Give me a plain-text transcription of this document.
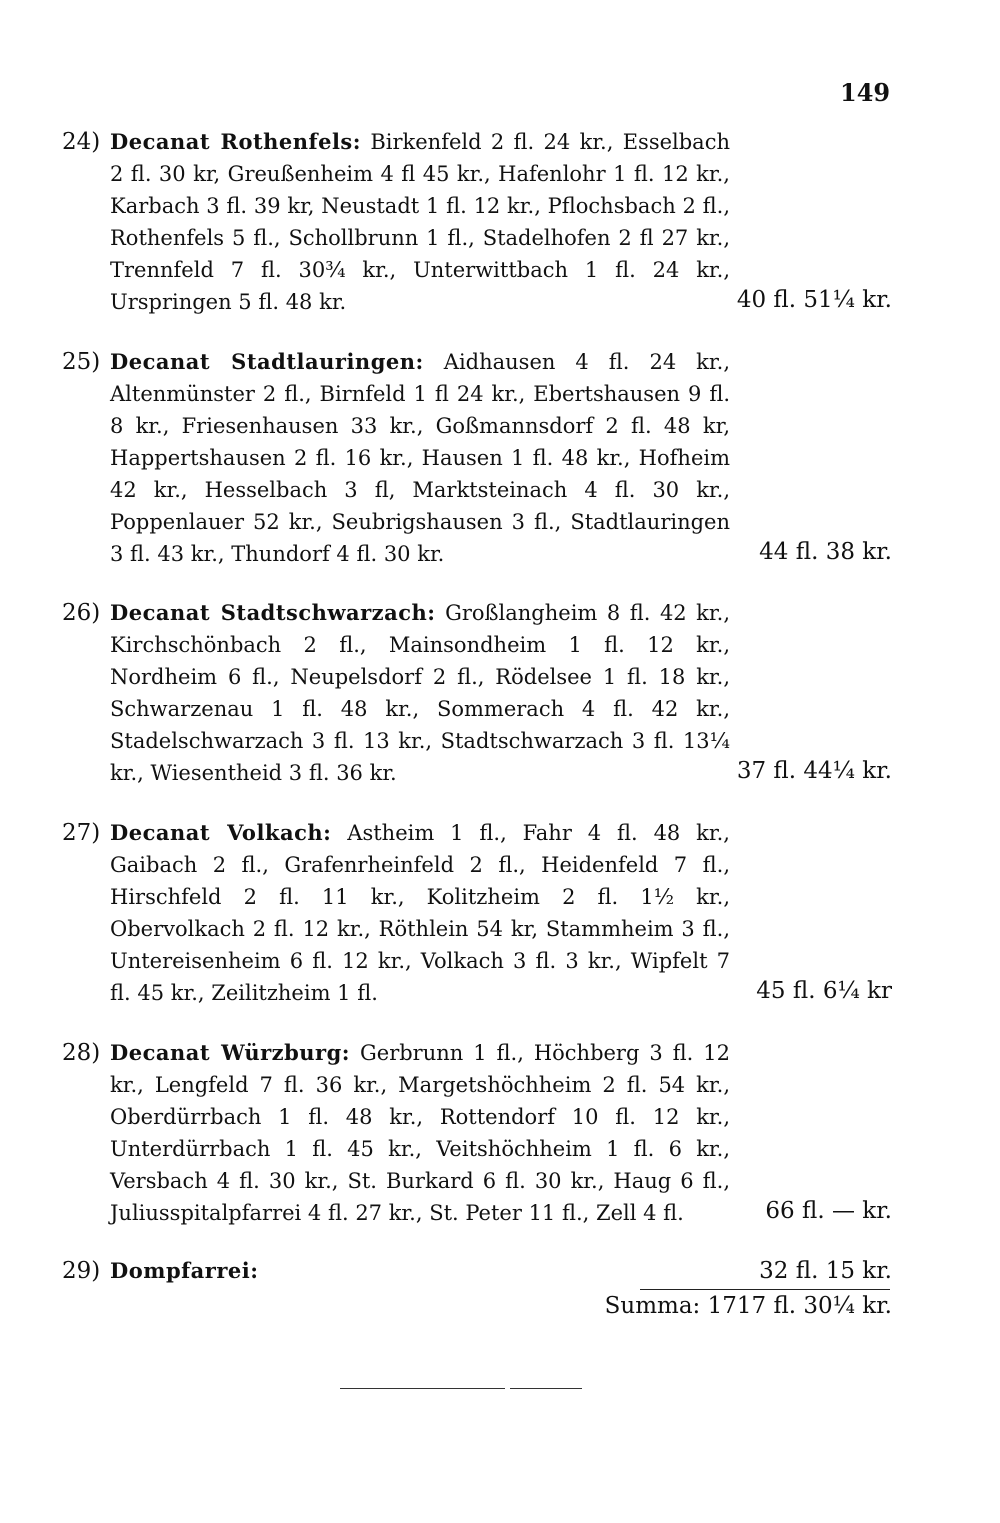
149
24) Decanat Rothenfels: Birkenfeld 2 fl. 24 kr., Esselbach 2 fl. 30 kr, Greußenheim 4 fl 45 kr., Hafenlohr 1 fl. 12 kr., Karbach 3 fl. 39 kr, Neustadt 1 fl. 12 kr., Pflochsbach 2 fl., Rothenfels 5 fl., Schollbrunn 1 fl., Stadelhofen 2 fl 27 kr., Trennfeld 7 fl. 30¾ kr., Unterwittbach 1 fl. 24 kr., Urspringen 5 fl. 48 kr.	40 fl. 51¼ kr.
25) Decanat Stadtlauringen: Aidhausen 4 fl. 24 kr., Altenmünster 2 fl., Birnfeld 1 fl 24 kr., Ebertshausen 9 fl. 8 kr., Friesenhausen 33 kr., Goßmannsdorf 2 fl. 48 kr, Happertshausen 2 fl. 16 kr., Hausen 1 fl. 48 kr., Hofheim 42 kr., Hesselbach 3 fl, Marktsteinach 4 fl. 30 kr., Poppenlauer 52 kr., Seubrigshausen 3 fl., Stadtlauringen 3 fl. 43 kr., Thundorf 4 fl. 30 kr.	44 fl. 38 kr.
26) Decanat Stadtschwarzach: Großlangheim 8 fl. 42 kr., Kirchschönbach 2 fl., Mainsondheim 1 fl. 12 kr., Nordheim 6 fl., Neupelsdorf 2 fl., Rödelsee 1 fl. 18 kr., Schwarzenau 1 fl. 48 kr., Sommerach 4 fl. 42 kr., Stadelschwarzach 3 fl. 13 kr., Stadtschwarzach 3 fl. 13¼ kr., Wiesentheid 3 fl. 36 kr.	37 fl. 44¼ kr.
27) Decanat Volkach: Astheim 1 fl., Fahr 4 fl. 48 kr., Gaibach 2 fl., Grafenrheinfeld 2 fl., Heidenfeld 7 fl., Hirschfeld 2 fl. 11 kr., Kolitzheim 2 fl. 1½ kr., Obervolkach 2 fl. 12 kr., Röthlein 54 kr, Stammheim 3 fl., Untereisenheim 6 fl. 12 kr., Volkach 3 fl. 3 kr., Wipfelt 7 fl. 45 kr., Zeilitzheim 1 fl.	45 fl. 6¼ kr
28) Decanat Würzburg: Gerbrunn 1 fl., Höchberg 3 fl. 12 kr., Lengfeld 7 fl. 36 kr., Margetshöchheim 2 fl. 54 kr., Oberdürrbach 1 fl. 48 kr., Rottendorf 10 fl. 12 kr., Unterdürrbach 1 fl. 45 kr., Veitshöchheim 1 fl. 6 kr., Versbach 4 fl. 30 kr., St. Burkard 6 fl. 30 kr., Haug 6 fl., Juliusspitalpfarrei 4 fl. 27 kr., St. Peter 11 fl., Zell 4 fl.	66 fl. — kr.
29) Dompfarrei:	32 fl. 15 kr.
Summa: 1717 fl. 30¼ kr.
